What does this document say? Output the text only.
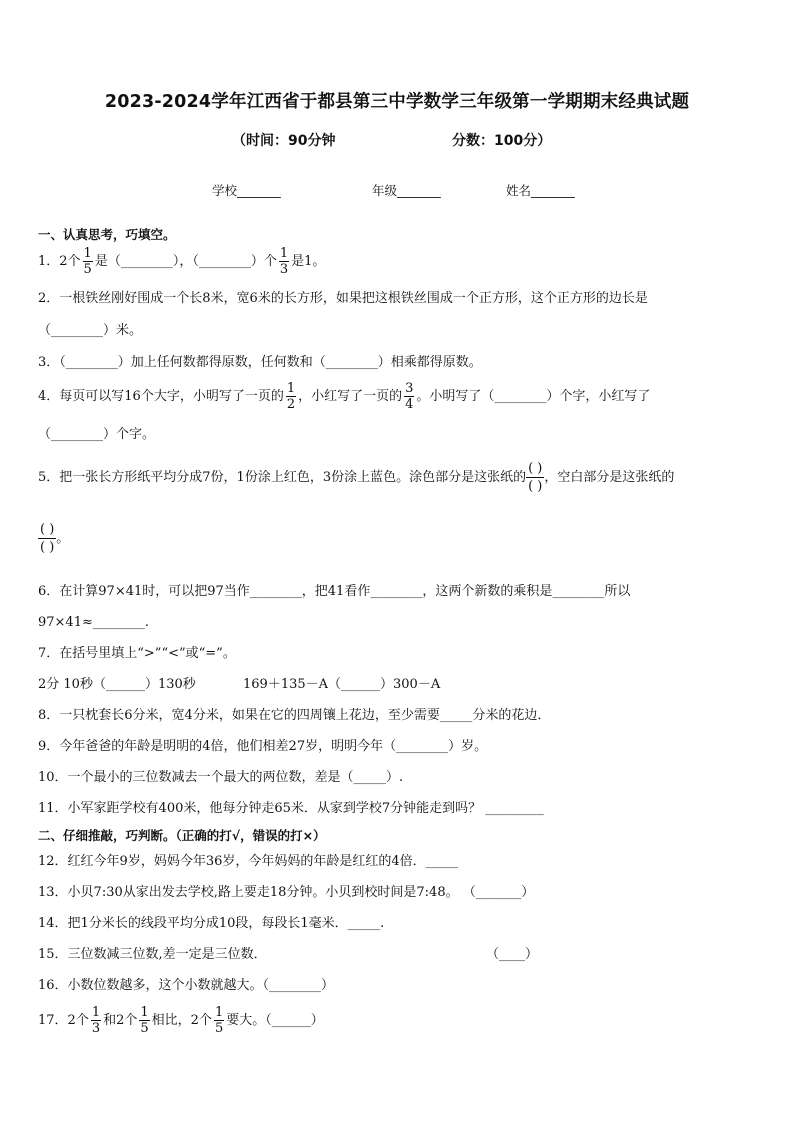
2023-2024学年江西省于都县第三中学数学三年级第一学期期末经典试题
（时间：90分钟	分数：100分）
学校_______	年级_______	姓名_______
一、认真思考，巧填空。
1．2个 $\frac{1}{5}$ 是（________），（________）个 $\frac{1}{3}$ 是1。
2．一根铁丝刚好围成一个长8米，宽6米的长方形，如果把这根铁丝围成一个正方形，这个正方形的边长是
（________）米。
3．（________）加上任何数都得原数，任何数和（________）相乘都得原数。
4．每页可以写16个大字，小明写了一页的 $\frac{1}{2}$ ，小红写了一页的 $\frac{3}{4}$ 。小明写了（________）个字，小红写了
（________）个字。
5．把一张长方形纸平均分成7份，1份涂上红色，3份涂上蓝色。涂色部分是这张纸的
( )
( )
，空白部分是这张纸的
( )
( )
。
6．在计算97×41时，可以把97当作________，把41看作________，这两个新数的乘积是________所以
97×41≈________.
7．在括号里填上“>”“<”或“=”。
2分 10秒（______）130秒	169＋135－A（______）300－A
8．一只枕套长6分米，宽4分米，如果在它的四周镶上花边，至少需要_____分米的花边．
9．今年爸爸的年龄是明明的4倍，他们相差27岁，明明今年（________）岁。
10．一个最小的三位数减去一个最大的两位数，差是（_____）.
11．小军家距学校有400米，他每分钟走65米．从家到学校7分钟能走到吗？ _________
二、仔细推敲，巧判断。（正确的打√，错误的打×）
12．红红今年9岁，妈妈今年36岁，今年妈妈的年龄是红红的4倍．_____
13．小贝7:30从家出发去学校,路上要走18分钟。小贝到校时间是7:48。 （_______）
14．把1分米长的线段平均分成10段，每段长1毫米．_____.
15．三位数减三位数,差一定是三位数．	（____）
16．小数位数越多，这个小数就越大。（________）
17．2个 $\frac{1}{3}$ 和2个 $\frac{1}{5}$ 相比，2个 $\frac{1}{5}$ 要大。（______）
